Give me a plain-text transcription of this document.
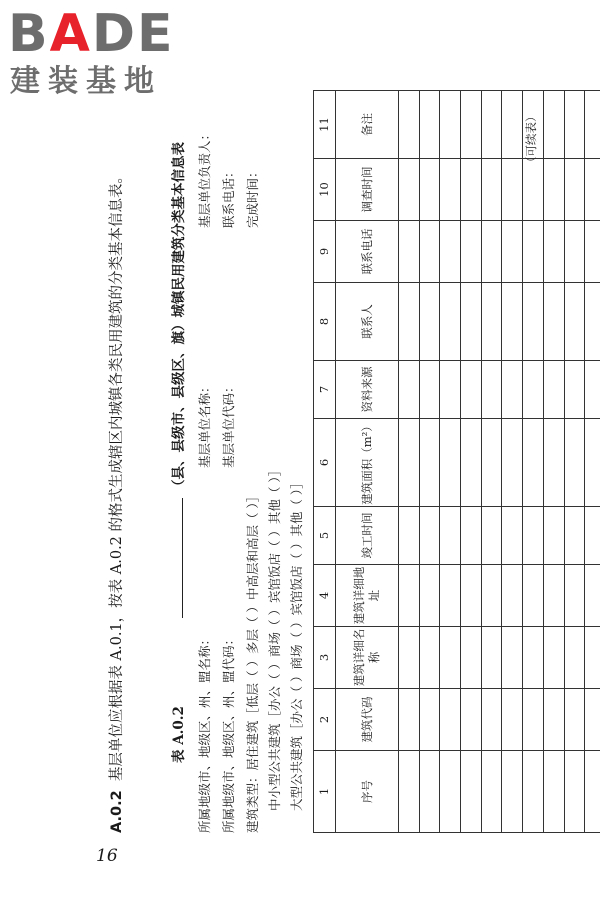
BADE
建装基地
16
A.0.2  基层单位应根据表 A.0.1，按表 A.0.2 的格式生成辖区内城镇各类民用建筑的分类基本信息表。	表 A.0.2
（县、县级市、县级区、旗）城镇民用建筑分类基本信息表
所属地级市、地级区、州、盟名称：
基层单位名称：
基层单位负责人：
所属地级市、地级区、州、盟代码：
基层单位代码：
联系电话：
建筑类型：居住建筑［低层（ ）多层（ ）中高层和高层（ ）］
完成时间：
中小型公共建筑［办公（ ）商场（ ）宾馆饭店（ ）其他（ ）］ 大型公共建筑［办公（ ）商场（ ）宾馆饭店（ ）其他（ ）］ 1	2	3	4	5	6	7	8	9	10	11
序号	建筑代码	建筑详细名称	建筑详细地址	竣工时间	建筑面积（m²）	资料来源	联系人	联系电话	调查时间	备注

											（可续表）
